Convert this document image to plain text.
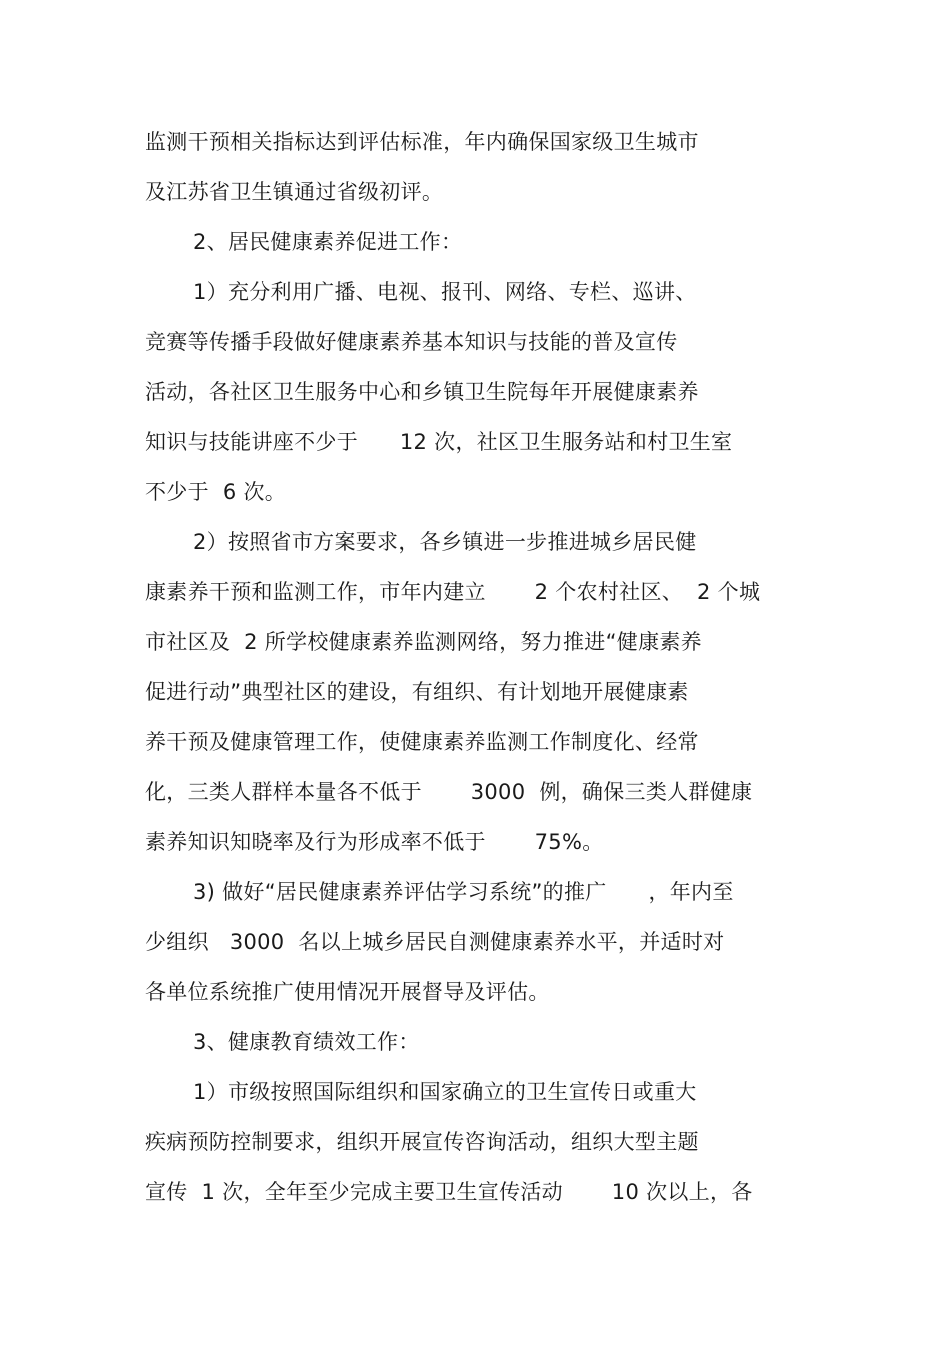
监测干预相关指标达到评估标准，年内确保国家级卫生城市

及江苏省卫生镇通过省级初评。

2、居民健康素养促进工作：

1）充分利用广播、电视、报刊、网络、专栏、巡讲、

竞赛等传播手段做好健康素养基本知识与技能的普及宣传

活动，各社区卫生服务中心和乡镇卫生院每年开展健康素养

知识与技能讲座不少于      12 次，社区卫生服务站和村卫生室

不少于  6 次。

2）按照省市方案要求，各乡镇进一步推进城乡居民健

康素养干预和监测工作，市年内建立       2 个农村社区、  2 个城

市社区及  2 所学校健康素养监测网络，努力推进“健康素养

促进行动”典型社区的建设，有组织、有计划地开展健康素

养干预及健康管理工作，使健康素养监测工作制度化、经常

化，三类人群样本量各不低于       3000  例，确保三类人群健康

素养知识知晓率及行为形成率不低于       75%。

3) 做好“居民健康素养评估学习系统”的推广      ，年内至

少组织   3000  名以上城乡居民自测健康素养水平，并适时对

各单位系统推广使用情况开展督导及评估。

3、健康教育绩效工作：

1）市级按照国际组织和国家确立的卫生宣传日或重大

疾病预防控制要求，组织开展宣传咨询活动，组织大型主题

宣传  1 次，全年至少完成主要卫生宣传活动       10 次以上，各
